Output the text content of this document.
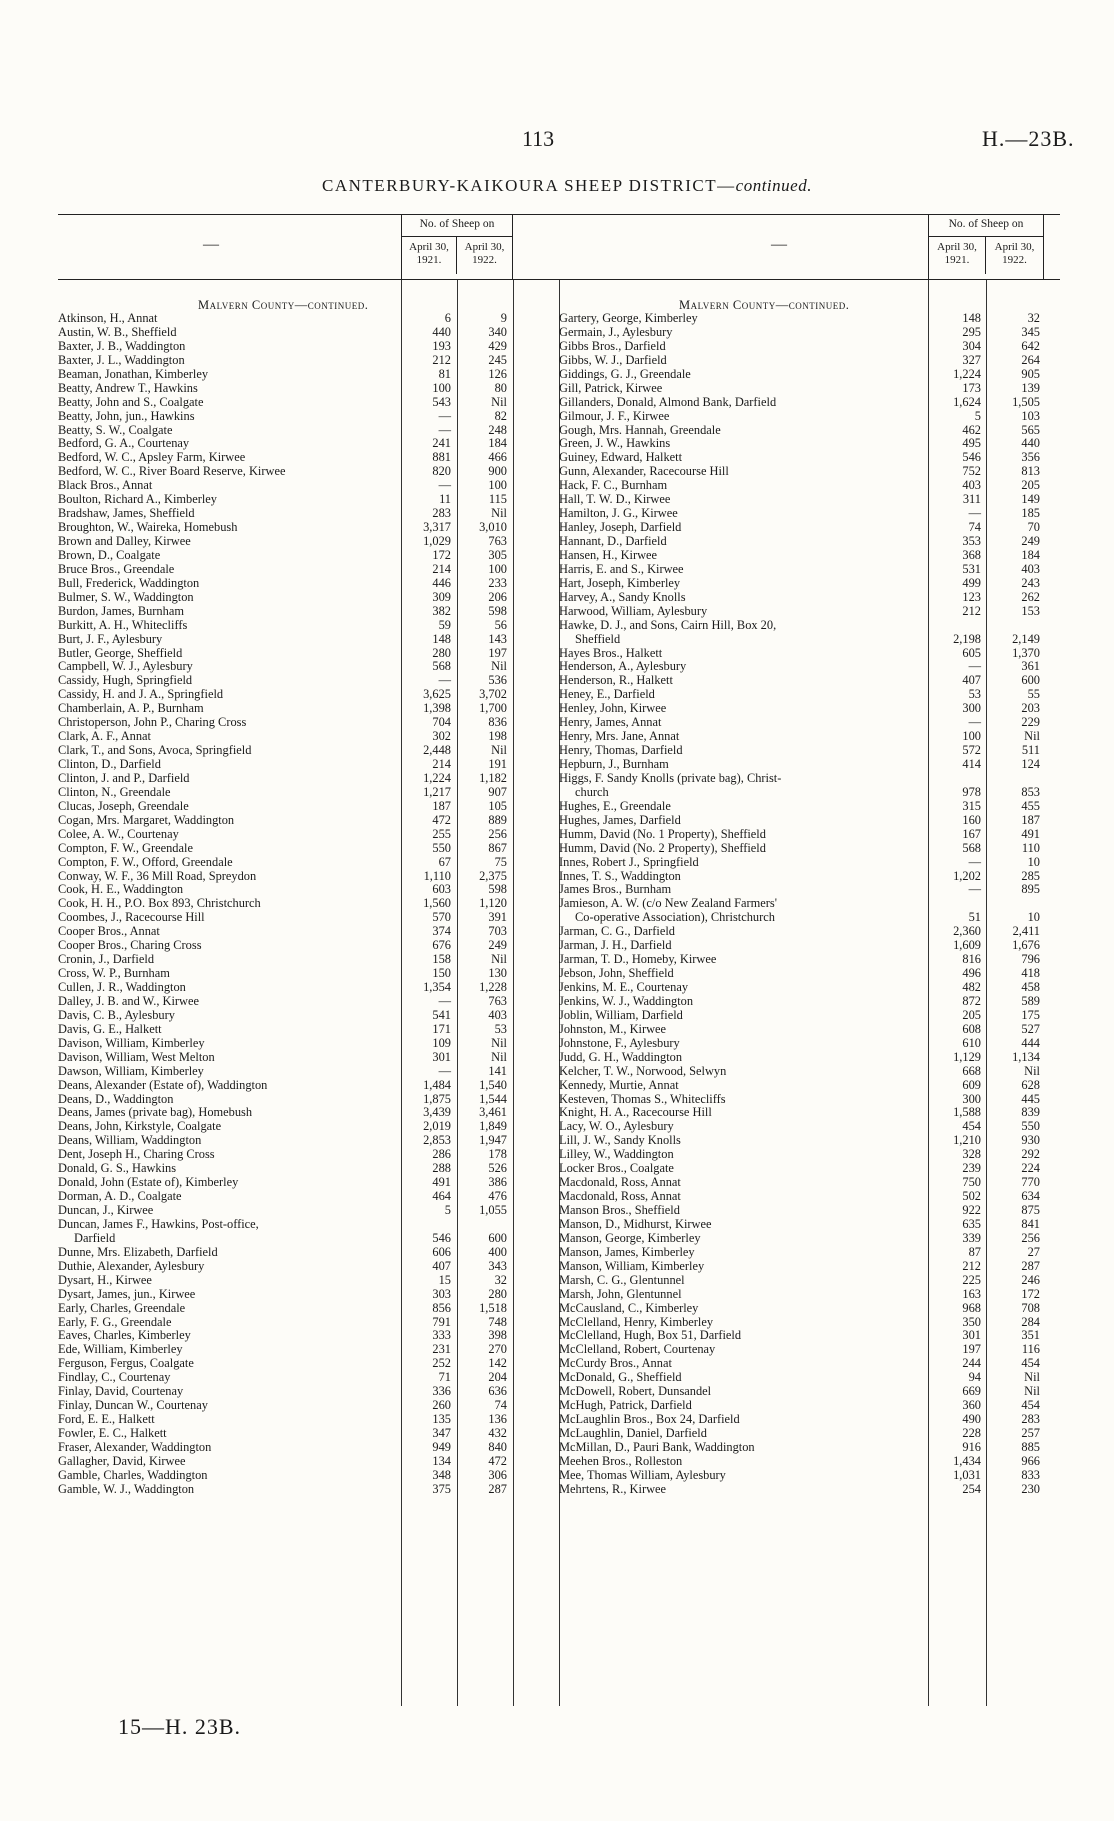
113	H.—23B.
CANTERBURY-KAIKOURA SHEEP DISTRICT—continued.
—
No. of Sheep on
April 30, 1921.
April 30, 1922.
Malvern County—continued.
Atkinson, H., Annat	6	9
Austin, W. B., Sheffield	440	340
Baxter, J. B., Waddington	193	429
Baxter, J. L., Waddington	212	245
Beaman, Jonathan, Kimberley	81	126
Beatty, Andrew T., Hawkins	100	80
Beatty, John and S., Coalgate	543	Nil
Beatty, John, jun., Hawkins	—	82
Beatty, S. W., Coalgate	—	248
Bedford, G. A., Courtenay	241	184
Bedford, W. C., Apsley Farm, Kirwee	881	466
Bedford, W. C., River Board Reserve, Kirwee	820	900
Black Bros., Annat	—	100
Boulton, Richard A., Kimberley	11	115
Bradshaw, James, Sheffield	283	Nil
Broughton, W., Waireka, Homebush	3,317	3,010
Brown and Dalley, Kirwee	1,029	763
Brown, D., Coalgate	172	305
Bruce Bros., Greendale	214	100
Bull, Frederick, Waddington	446	233
Bulmer, S. W., Waddington	309	206
Burdon, James, Burnham	382	598
Burkitt, A. H., Whitecliffs	59	56
Burt, J. F., Aylesbury	148	143
Butler, George, Sheffield	280	197
Campbell, W. J., Aylesbury	568	Nil
Cassidy, Hugh, Springfield	—	536
Cassidy, H. and J. A., Springfield	3,625	3,702
Chamberlain, A. P., Burnham	1,398	1,700
Christoperson, John P., Charing Cross	704	836
Clark, A. F., Annat	302	198
Clark, T., and Sons, Avoca, Springfield	2,448	Nil
Clinton, D., Darfield	214	191
Clinton, J. and P., Darfield	1,224	1,182
Clinton, N., Greendale	1,217	907
Clucas, Joseph, Greendale	187	105
Cogan, Mrs. Margaret, Waddington	472	889
Colee, A. W., Courtenay	255	256
Compton, F. W., Greendale	550	867
Compton, F. W., Offord, Greendale	67	75
Conway, W. F., 36 Mill Road, Spreydon	1,110	2,375
Cook, H. E., Waddington	603	598
Cook, H. H., P.O. Box 893, Christchurch	1,560	1,120
Coombes, J., Racecourse Hill	570	391
Cooper Bros., Annat	374	703
Cooper Bros., Charing Cross	676	249
Cronin, J., Darfield	158	Nil
Cross, W. P., Burnham	150	130
Cullen, J. R., Waddington	1,354	1,228
Dalley, J. B. and W., Kirwee	—	763
Davis, C. B., Aylesbury	541	403
Davis, G. E., Halkett	171	53
Davison, William, Kimberley	109	Nil
Davison, William, West Melton	301	Nil
Dawson, William, Kimberley	—	141
Deans, Alexander (Estate of), Waddington	1,484	1,540
Deans, D., Waddington	1,875	1,544
Deans, James (private bag), Homebush	3,439	3,461
Deans, John, Kirkstyle, Coalgate	2,019	1,849
Deans, William, Waddington	2,853	1,947
Dent, Joseph H., Charing Cross	286	178
Donald, G. S., Hawkins	288	526
Donald, John (Estate of), Kimberley	491	386
Dorman, A. D., Coalgate	464	476
Duncan, J., Kirwee	5	1,055
Duncan, James F., Hawkins, Post-office,
Darfield	546	600
Dunne, Mrs. Elizabeth, Darfield	606	400
Duthie, Alexander, Aylesbury	407	343
Dysart, H., Kirwee	15	32
Dysart, James, jun., Kirwee	303	280
Early, Charles, Greendale	856	1,518
Early, F. G., Greendale	791	748
Eaves, Charles, Kimberley	333	398
Ede, William, Kimberley	231	270
Ferguson, Fergus, Coalgate	252	142
Findlay, C., Courtenay	71	204
Finlay, David, Courtenay	336	636
Finlay, Duncan W., Courtenay	260	74
Ford, E. E., Halkett	135	136
Fowler, E. C., Halkett	347	432
Fraser, Alexander, Waddington	949	840
Gallagher, David, Kirwee	134	472
Gamble, Charles, Waddington	348	306
Gamble, W. J., Waddington	375	287
—
No. of Sheep on
April 30, 1921.
April 30, 1922.
Malvern County—continued.
Gartery, George, Kimberley	148	32
Germain, J., Aylesbury	295	345
Gibbs Bros., Darfield	304	642
Gibbs, W. J., Darfield	327	264
Giddings, G. J., Greendale	1,224	905
Gill, Patrick, Kirwee	173	139
Gillanders, Donald, Almond Bank, Darfield	1,624	1,505
Gilmour, J. F., Kirwee	5	103
Gough, Mrs. Hannah, Greendale	462	565
Green, J. W., Hawkins	495	440
Guiney, Edward, Halkett	546	356
Gunn, Alexander, Racecourse Hill	752	813
Hack, F. C., Burnham	403	205
Hall, T. W. D., Kirwee	311	149
Hamilton, J. G., Kirwee	—	185
Hanley, Joseph, Darfield	74	70
Hannant, D., Darfield	353	249
Hansen, H., Kirwee	368	184
Harris, E. and S., Kirwee	531	403
Hart, Joseph, Kimberley	499	243
Harvey, A., Sandy Knolls	123	262
Harwood, William, Aylesbury	212	153
Hawke, D. J., and Sons, Cairn Hill, Box 20,
Sheffield	2,198	2,149
Hayes Bros., Halkett	605	1,370
Henderson, A., Aylesbury	—	361
Henderson, R., Halkett	407	600
Heney, E., Darfield	53	55
Henley, John, Kirwee	300	203
Henry, James, Annat	—	229
Henry, Mrs. Jane, Annat	100	Nil
Henry, Thomas, Darfield	572	511
Hepburn, J., Burnham	414	124
Higgs, F. Sandy Knolls (private bag), Christ-
church	978	853
Hughes, E., Greendale	315	455
Hughes, James, Darfield	160	187
Humm, David (No. 1 Property), Sheffield	167	491
Humm, David (No. 2 Property), Sheffield	568	110
Innes, Robert J., Springfield	—	10
Innes, T. S., Waddington	1,202	285
James Bros., Burnham	—	895
Jamieson, A. W. (c/o New Zealand Farmers'
Co-operative Association), Christchurch	51	10
Jarman, C. G., Darfield	2,360	2,411
Jarman, J. H., Darfield	1,609	1,676
Jarman, T. D., Homeby, Kirwee	816	796
Jebson, John, Sheffield	496	418
Jenkins, M. E., Courtenay	482	458
Jenkins, W. J., Waddington	872	589
Joblin, William, Darfield	205	175
Johnston, M., Kirwee	608	527
Johnstone, F., Aylesbury	610	444
Judd, G. H., Waddington	1,129	1,134
Kelcher, T. W., Norwood, Selwyn	668	Nil
Kennedy, Murtie, Annat	609	628
Kesteven, Thomas S., Whitecliffs	300	445
Knight, H. A., Racecourse Hill	1,588	839
Lacy, W. O., Aylesbury	454	550
Lill, J. W., Sandy Knolls	1,210	930
Lilley, W., Waddington	328	292
Locker Bros., Coalgate	239	224
Macdonald, Ross, Annat	750	770
Macdonald, Ross, Annat	502	634
Manson Bros., Sheffield	922	875
Manson, D., Midhurst, Kirwee	635	841
Manson, George, Kimberley	339	256
Manson, James, Kimberley	87	27
Manson, William, Kimberley	212	287
Marsh, C. G., Glentunnel	225	246
Marsh, John, Glentunnel	163	172
McCausland, C., Kimberley	968	708
McClelland, Henry, Kimberley	350	284
McClelland, Hugh, Box 51, Darfield	301	351
McClelland, Robert, Courtenay	197	116
McCurdy Bros., Annat	244	454
McDonald, G., Sheffield	94	Nil
McDowell, Robert, Dunsandel	669	Nil
McHugh, Patrick, Darfield	360	454
McLaughlin Bros., Box 24, Darfield	490	283
McLaughlin, Daniel, Darfield	228	257
McMillan, D., Pauri Bank, Waddington	916	885
Meehen Bros., Rolleston	1,434	966
Mee, Thomas William, Aylesbury	1,031	833
Mehrtens, R., Kirwee	254	230
15—H. 23B.
